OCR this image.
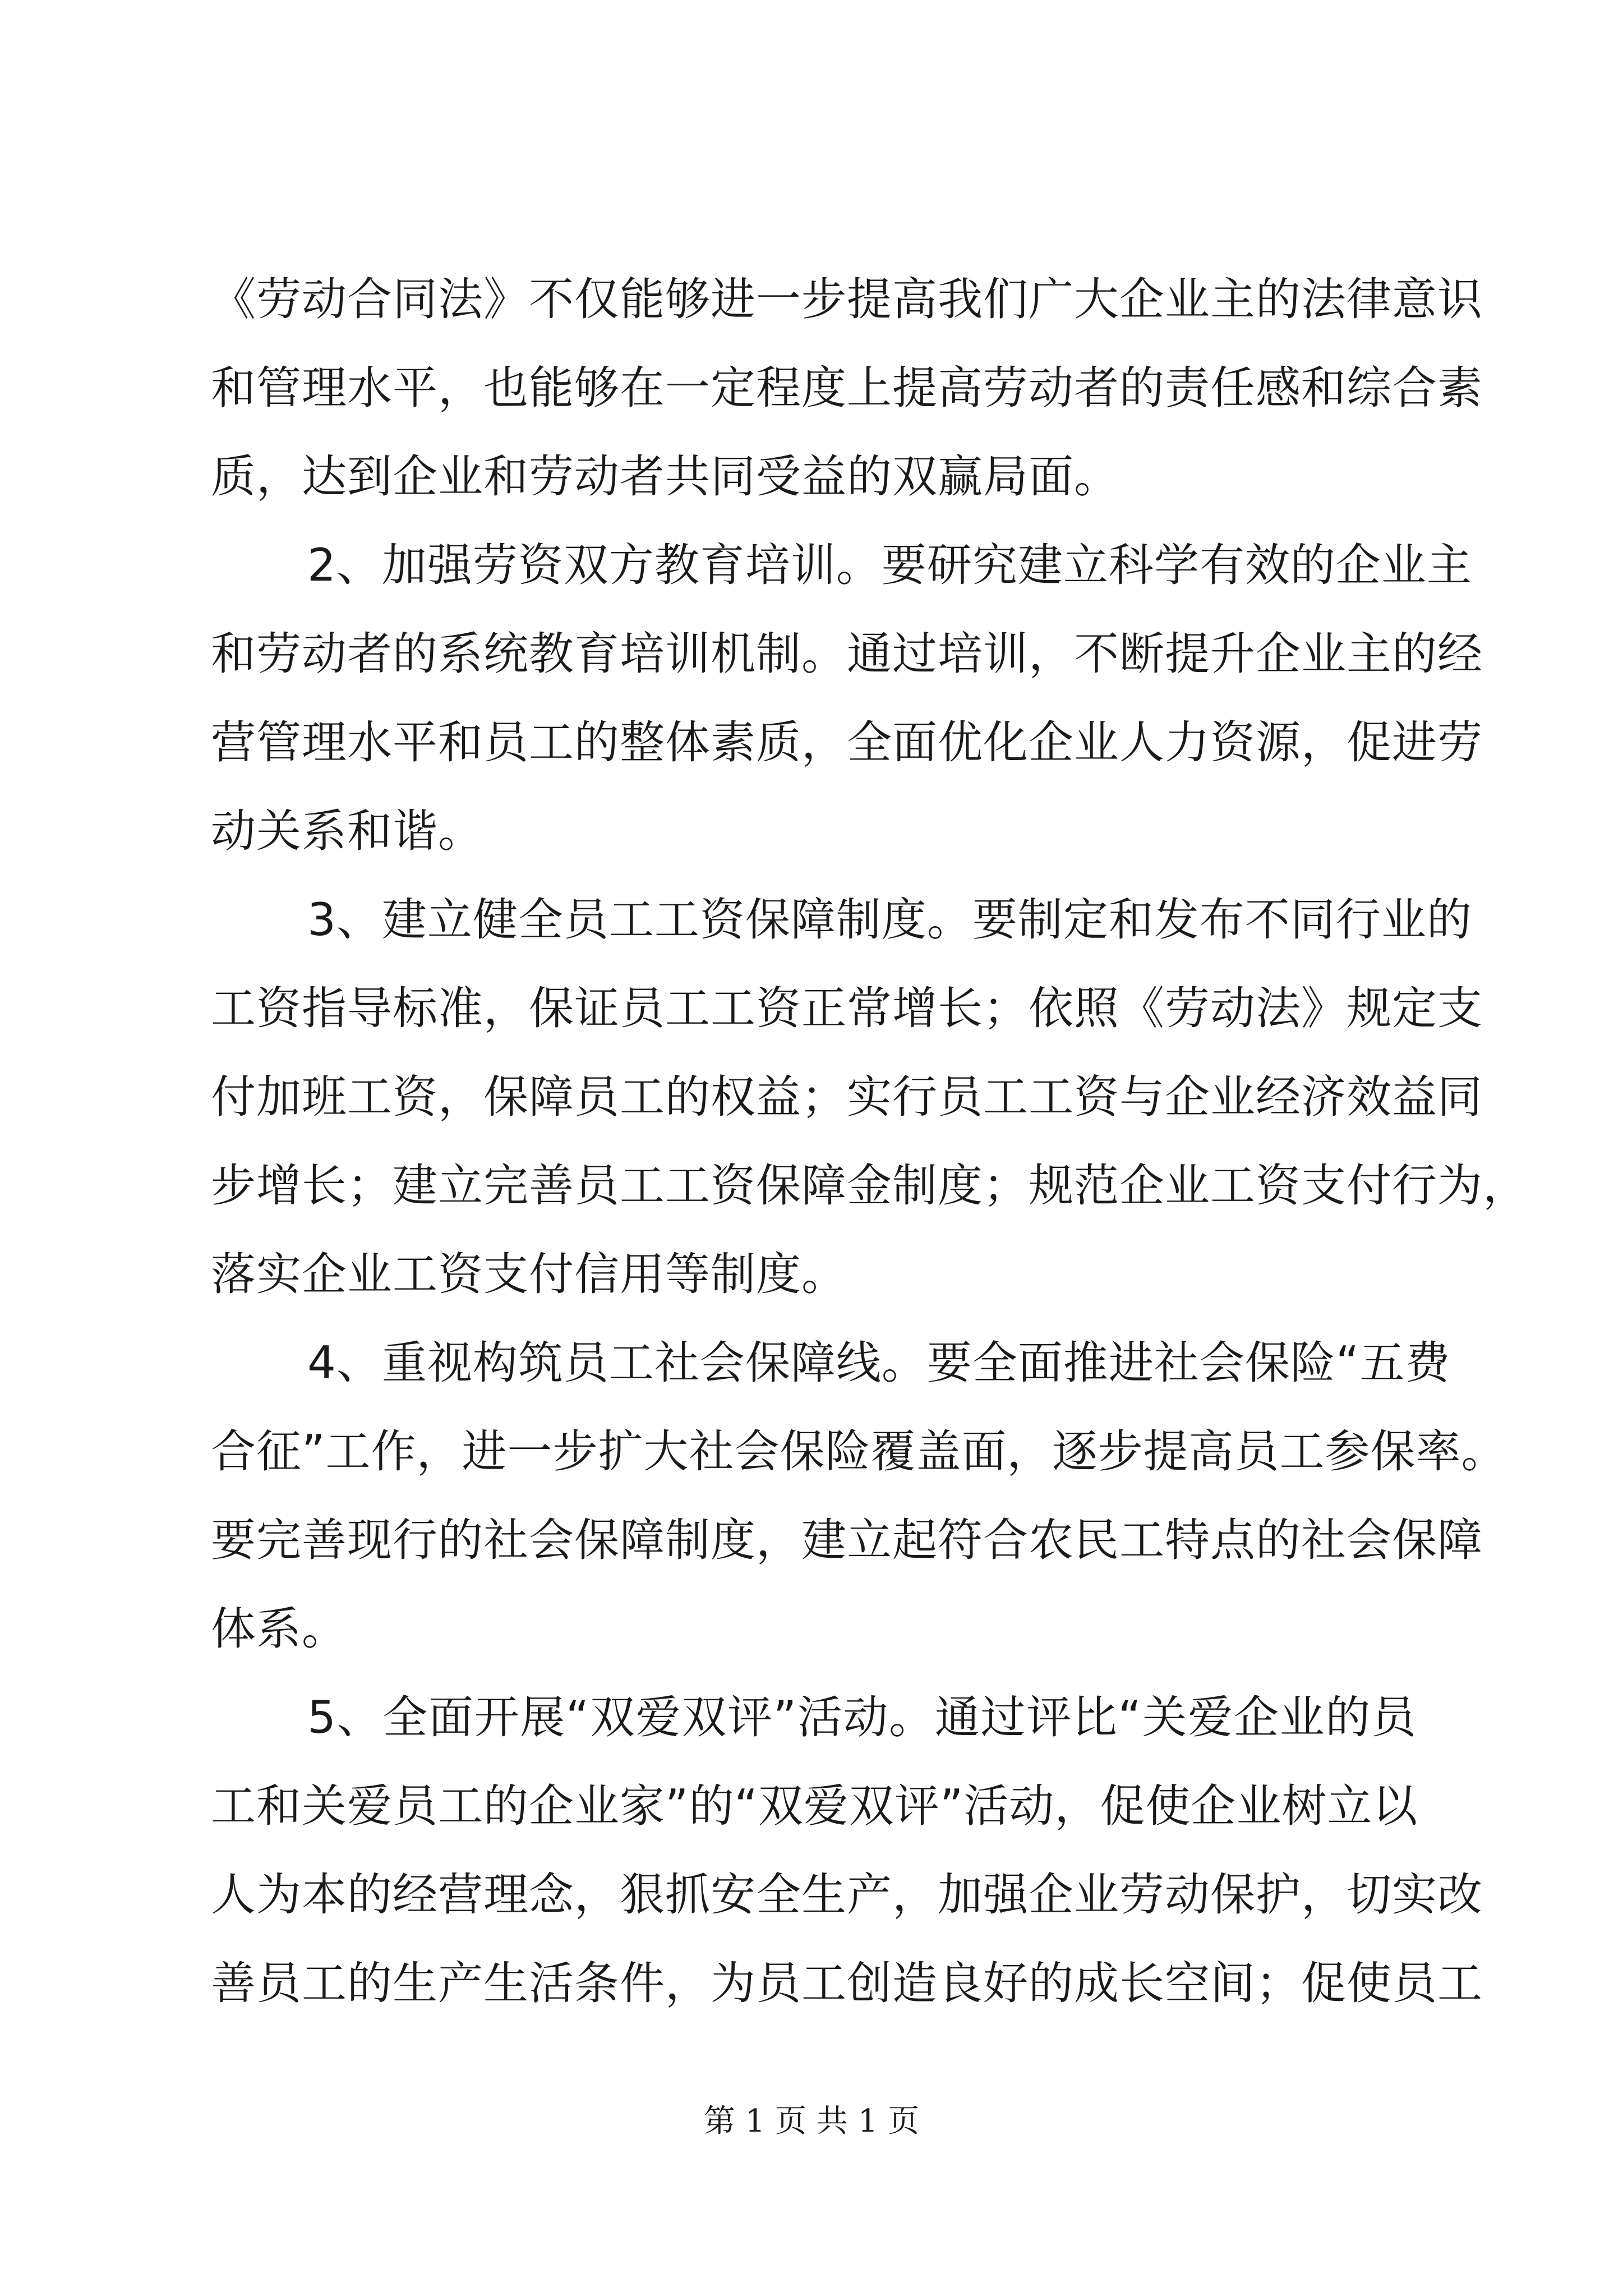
《劳动合同法》不仅能够进一步提高我们广大企业主的法律意识
和管理水平，也能够在一定程度上提高劳动者的责任感和综合素
质，达到企业和劳动者共同受益的双赢局面。
2、加强劳资双方教育培训。要研究建立科学有效的企业主
和劳动者的系统教育培训机制。通过培训，不断提升企业主的经
营管理水平和员工的整体素质，全面优化企业人力资源，促进劳
动关系和谐。
3、建立健全员工工资保障制度。要制定和发布不同行业的
工资指导标准，保证员工工资正常增长；依照《劳动法》规定支
付加班工资，保障员工的权益；实行员工工资与企业经济效益同
步增长；建立完善员工工资保障金制度；规范企业工资支付行为，
落实企业工资支付信用等制度。
4、重视构筑员工社会保障线。要全面推进社会保险“五费
合征”工作，进一步扩大社会保险覆盖面，逐步提高员工参保率。
要完善现行的社会保障制度，建立起符合农民工特点的社会保障
体系。
5、全面开展“双爱双评”活动。通过评比“关爱企业的员
工和关爱员工的企业家”的“双爱双评”活动，促使企业树立以
人为本的经营理念，狠抓安全生产，加强企业劳动保护，切实改
善员工的生产生活条件，为员工创造良好的成长空间；促使员工
第 1 页 共 1 页
